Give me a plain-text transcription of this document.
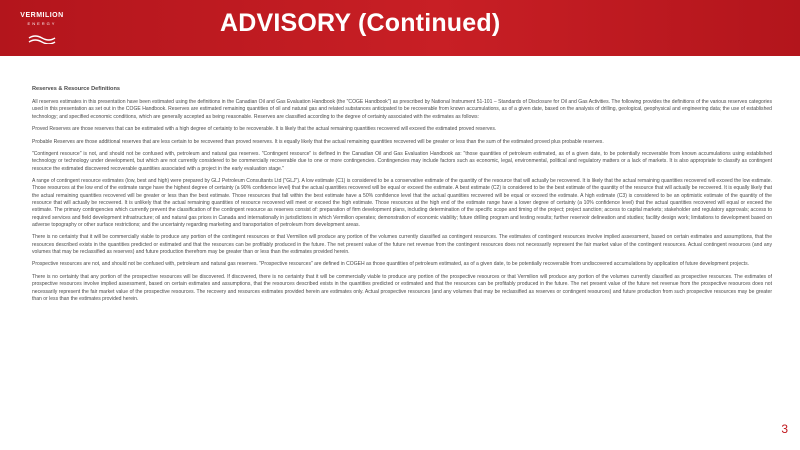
VERMILION
ENERGY	ADVISORY (Continued)
Reserves & Resource Definitions

All reserves estimates in this presentation have been estimated using the definitions in the Canadian Oil and Gas Evaluation Handbook (the "COGE Handbook") as prescribed by National Instrument 51-101 – Standards of Disclosure for Oil and Gas Activities. The following provides the definitions of the various reserves categories used in this presentation as set out in the COGE Handbook. Reserves are estimated remaining quantities of oil and natural gas and related substances anticipated to be recoverable from known accumulations, as of a given date, based on the analysis of drilling, geological, geophysical and engineering data; the use of established technology; and specified economic conditions, which are generally accepted as being reasonable. Reserves are classified according to the degree of certainty associated with the estimates as follows:

Proved Reserves are those reserves that can be estimated with a high degree of certainty to be recoverable. It is likely that the actual remaining quantities recovered will exceed the estimated proved reserves.

Probable Reserves are those additional reserves that are less certain to be recovered than proved reserves. It is equally likely that the actual remaining quantities recovered will be greater or less than the sum of the estimated proved plus probable reserves.

"Contingent resource" is not, and should not be confused with, petroleum and natural gas reserves. "Contingent resource" is defined in the Canadian Oil and Gas Evaluation Handbook as: "those quantities of petroleum estimated, as of a given date, to be potentially recoverable from known accumulations using established technology or technology under development, but which are not currently considered to be commercially recoverable due to one or more contingencies. Contingencies may include factors such as economic, legal, environmental, political and regulatory matters or a lack of markets. It is also appropriate to classify as contingent resource the estimated discovered recoverable quantities associated with a project in the early evaluation stage."

A range of contingent resource estimates (low, best and high) were prepared by GLJ Petroleum Consultants Ltd ("GLJ"). A low estimate (C1) is considered to be a conservative estimate of the quantity of the resource that will actually be recovered. It is likely that the actual remaining quantities recovered will exceed the low estimate. Those resources at the low end of the estimate range have the highest degree of certainty (a 90% confidence level) that the actual quantities recovered will be equal or exceed the estimate. A best estimate (C2) is considered to be the best estimate of the quantity of the resource that will actually be recovered. It is equally likely that the actual remaining quantities recovered will be greater or less than the best estimate. Those resources that fall within the best estimate have a 50% confidence level that the actual quantities recovered will be equal or exceed the estimate. A high estimate (C3) is considered to be an optimistic estimate of the quantity of the resource that will actually be recovered. It is unlikely that the actual remaining quantities of resource recovered will meet or exceed the high estimate. Those resources at the high end of the estimate range have a lower degree of certainty (a 10% confidence level) that the actual quantities recovered will equal or exceed the estimate. The primary contingencies which currently prevent the classification of the contingent resource as reserves consist of: preparation of firm development plans, including determination of the specific scope and timing of the project; project sanction; access to capital markets; stakeholder and regulatory approvals; access to required services and field development infrastructure; oil and natural gas prices in Canada and internationally in jurisdictions in which Vermilion operates; demonstration of economic viability; future drilling program and testing results; further reservoir delineation and studies; facility design work; limitations to development based on adverse topography or other surface restrictions; and the uncertainty regarding marketing and transportation of petroleum from development areas.

There is no certainty that it will be commercially viable to produce any portion of the contingent resources or that Vermilion will produce any portion of the volumes currently classified as contingent resources. The estimates of contingent resources involve implied assessment, based on certain estimates and assumptions, that the resources described exists in the quantities predicted or estimated and that the resources can be profitably produced in the future. The net present value of the future net revenue from the contingent resources does not necessarily represent the fair market value of the contingent resources. Actual contingent resources (and any volumes that may be reclassified as reserves) and future production therefrom may be greater than or less than the estimates provided herein.

Prospective resources are not, and should not be confused with, petroleum and natural gas reserves. "Prospective resources" are defined in COGEH as those quantities of petroleum estimated, as of a given date, to be potentially recoverable from undiscovered accumulations by application of future development projects.

There is no certainty that any portion of the prospective resources will be discovered. If discovered, there is no certainty that it will be commercially viable to produce any portion of the prospective resources or that Vermilion will produce any portion of the volumes currently classified as prospective resources. The estimates of prospective resources involve implied assessment, based on certain estimates and assumptions, that the resources described exists in the quantities predicted or estimated and that the resources can be profitably produced in the future. The net present value of the future net revenue from the prospective resources does not necessarily represent the fair market value of the prospective resources. The recovery and resources estimates provided herein are estimates only. Actual prospective resources (and any volumes that may be reclassified as reserves or contingent resources) and future production from such prospective resources may be greater than or less than the estimates provided herein.

3
